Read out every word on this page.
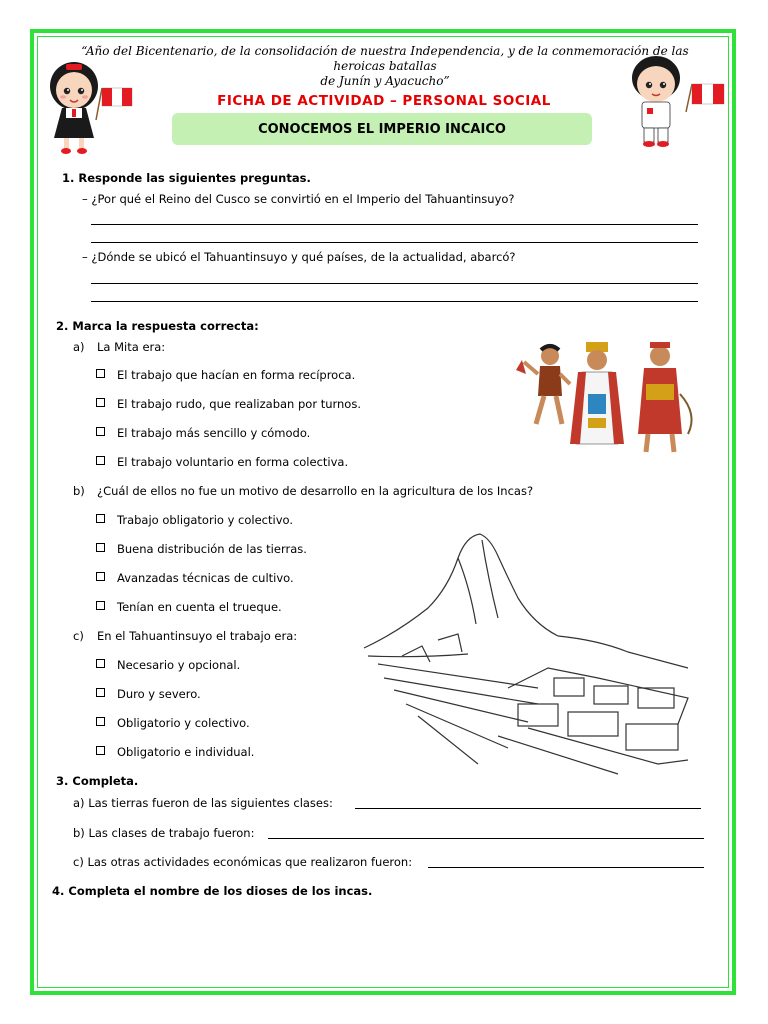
“Año del Bicentenario, de la consolidación de nuestra Independencia, y de la conmemoración de las heroicas batallas
de Junín y Ayacucho”
FICHA DE ACTIVIDAD – PERSONAL SOCIAL
CONOCEMOS EL IMPERIO INCAICO
1. Responde las siguientes preguntas.
– ¿Por qué el Reino del Cusco se convirtió en el Imperio del Tahuantinsuyo?
– ¿Dónde se ubicó el Tahuantinsuyo y qué países, de la actualidad, abarcó?
2. Marca la respuesta correcta:
a) La Mita era:
El trabajo que hacían en forma recíproca.
El trabajo rudo, que realizaban por turnos.
El trabajo más sencillo y cómodo.
El trabajo voluntario en forma colectiva.
b) ¿Cuál de ellos no fue un motivo de desarrollo en la agricultura de los Incas?
Trabajo obligatorio y colectivo.
Buena distribución de las tierras.
Avanzadas técnicas de cultivo.
Tenían en cuenta el trueque.
c) En el Tahuantinsuyo el trabajo era:
Necesario y opcional.
Duro y severo.
Obligatorio y colectivo.
Obligatorio e individual.
3. Completa.
a) Las tierras fueron de las siguientes clases:
b) Las clases de trabajo fueron:
c) Las otras actividades económicas que realizaron fueron:
4. Completa el nombre de los dioses de los incas.
